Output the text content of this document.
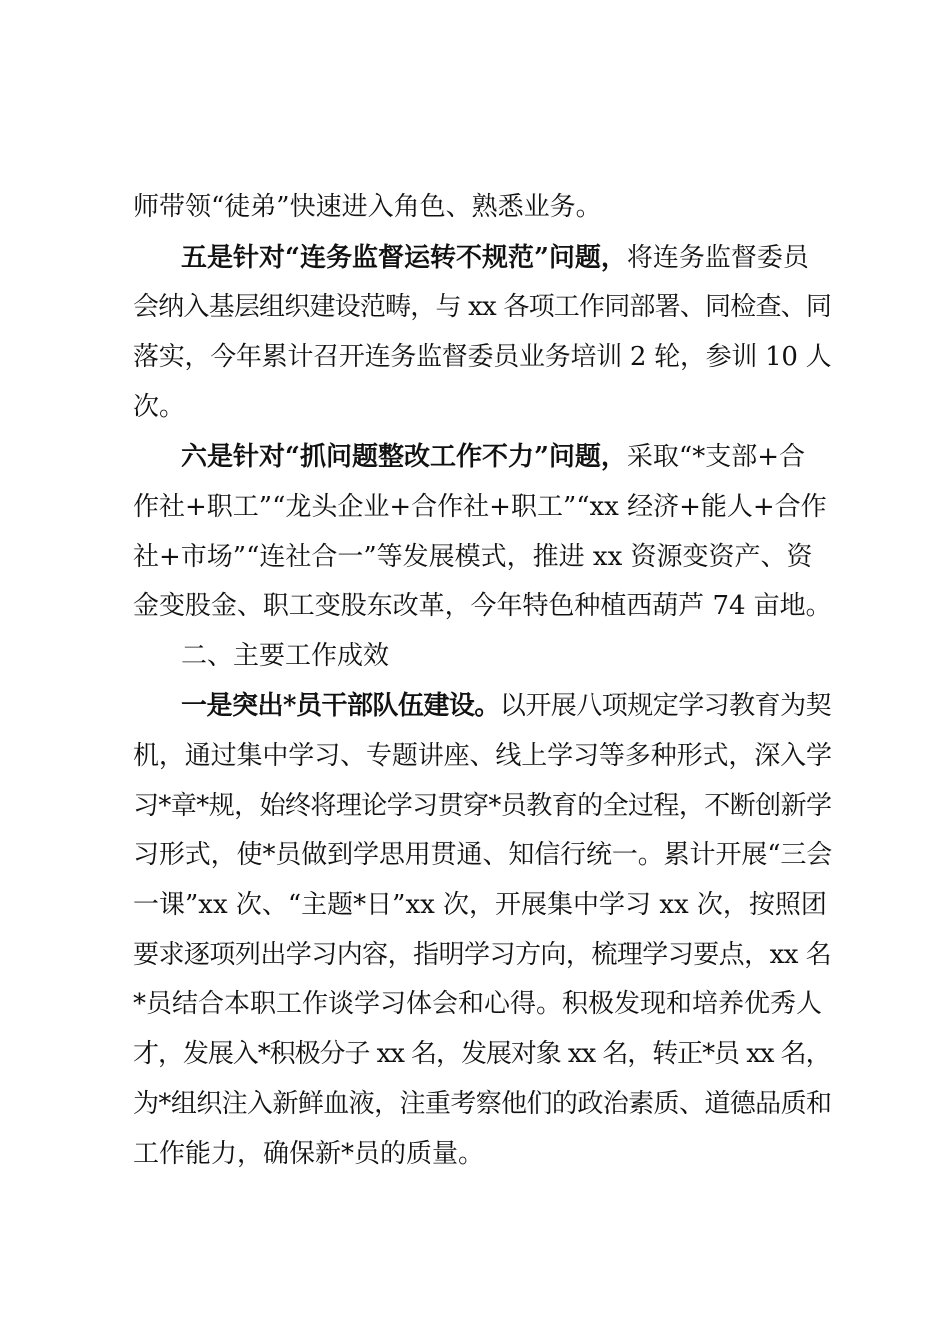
师带领“徒弟”快速进入角色、熟悉业务。
五是针对“连务监督运转不规范”问题，将连务监督委员
会纳入基层组织建设范畴，与 xx 各项工作同部署、同检查、同
落实，今年累计召开连务监督委员业务培训 2 轮，参训 10 人
次。
六是针对“抓问题整改工作不力”问题，采取“*支部+合
作社+职工”“龙头企业+合作社+职工”“xx 经济+能人+合作
社+市场”“连社合一”等发展模式，推进 xx 资源变资产、资
金变股金、职工变股东改革，今年特色种植西葫芦 74 亩地。
二、主要工作成效
一是突出*员干部队伍建设。以开展八项规定学习教育为契
机，通过集中学习、专题讲座、线上学习等多种形式，深入学
习*章*规，始终将理论学习贯穿*员教育的全过程，不断创新学
习形式，使*员做到学思用贯通、知信行统一。累计开展“三会
一课”xx 次、“主题*日”xx 次，开展集中学习 xx 次，按照团
要求逐项列出学习内容，指明学习方向，梳理学习要点，xx 名
*员结合本职工作谈学习体会和心得。积极发现和培养优秀人
才，发展入*积极分子 xx 名，发展对象 xx 名，转正*员 xx 名，
为*组织注入新鲜血液，注重考察他们的政治素质、道德品质和
工作能力，确保新*员的质量。
